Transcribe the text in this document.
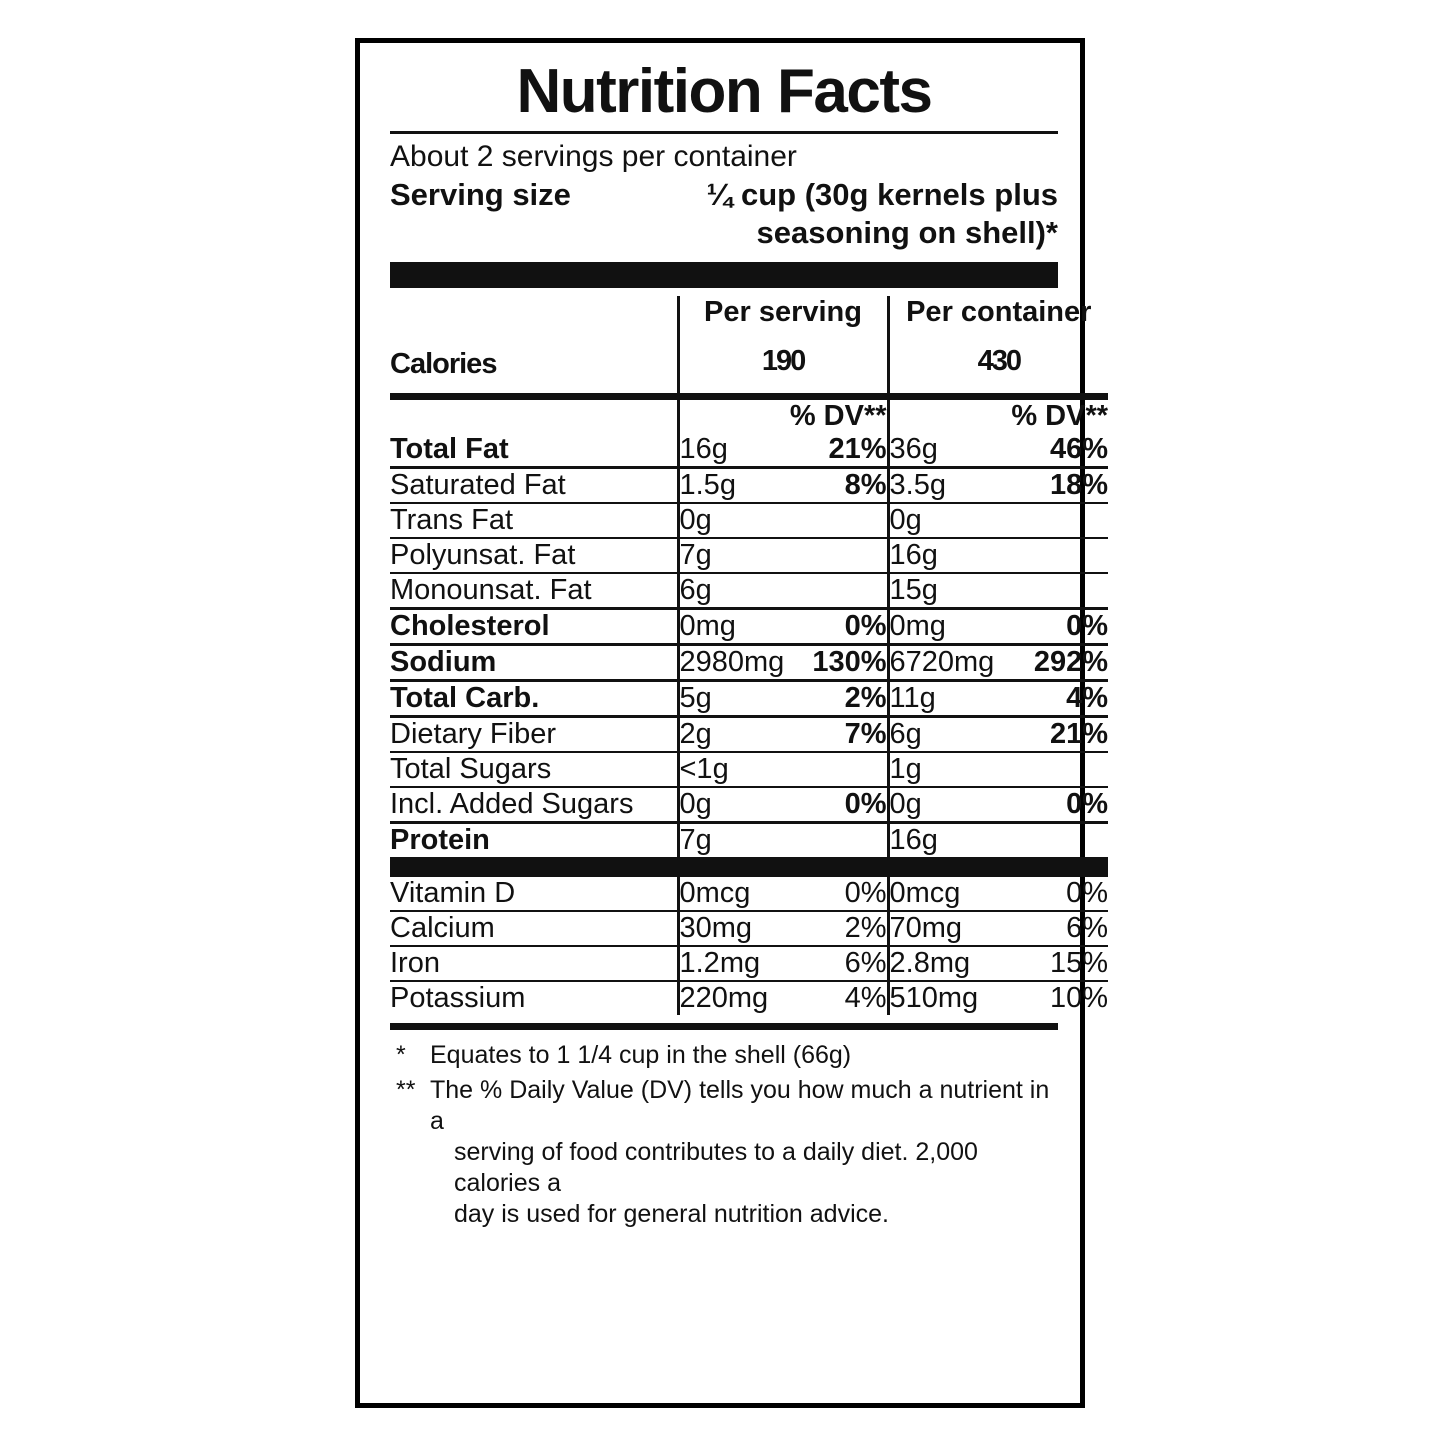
Nutrition Facts
About 2 servings per container
Serving size	¼ cup (30g kernels plus
seasoning on shell)*
	Per serving		Per container	
Calories	190		430	
	% DV**		% DV**	
Total Fat	16g	21%	36g	46%
Saturated Fat	1.5g	8%	3.5g	18%
Trans Fat	0g		0g	
Polyunsat. Fat	7g		16g	
Monounsat. Fat	6g		15g	
Cholesterol	0mg	0%	0mg	0%
Sodium	2980mg	130%	6720mg	292%
Total Carb.	5g	2%	11g	4%
Dietary Fiber	2g	7%	6g	21%
Total Sugars	<1g		1g	
Incl. Added Sugars	0g	0%	0g	0%
Protein	7g		16g	

Vitamin D	0mcg	0%	0mcg	0%
Calcium	30mg	2%	70mg	6%
Iron	1.2mg	6%	2.8mg	15%
Potassium	220mg	4%	510mg	10%
* Equates to 1 1/4 cup in the shell (66g)
** The % Daily Value (DV) tells you how much a nutrient in a
serving of food contributes to a daily diet. 2,000 calories a
day is used for general nutrition advice.
